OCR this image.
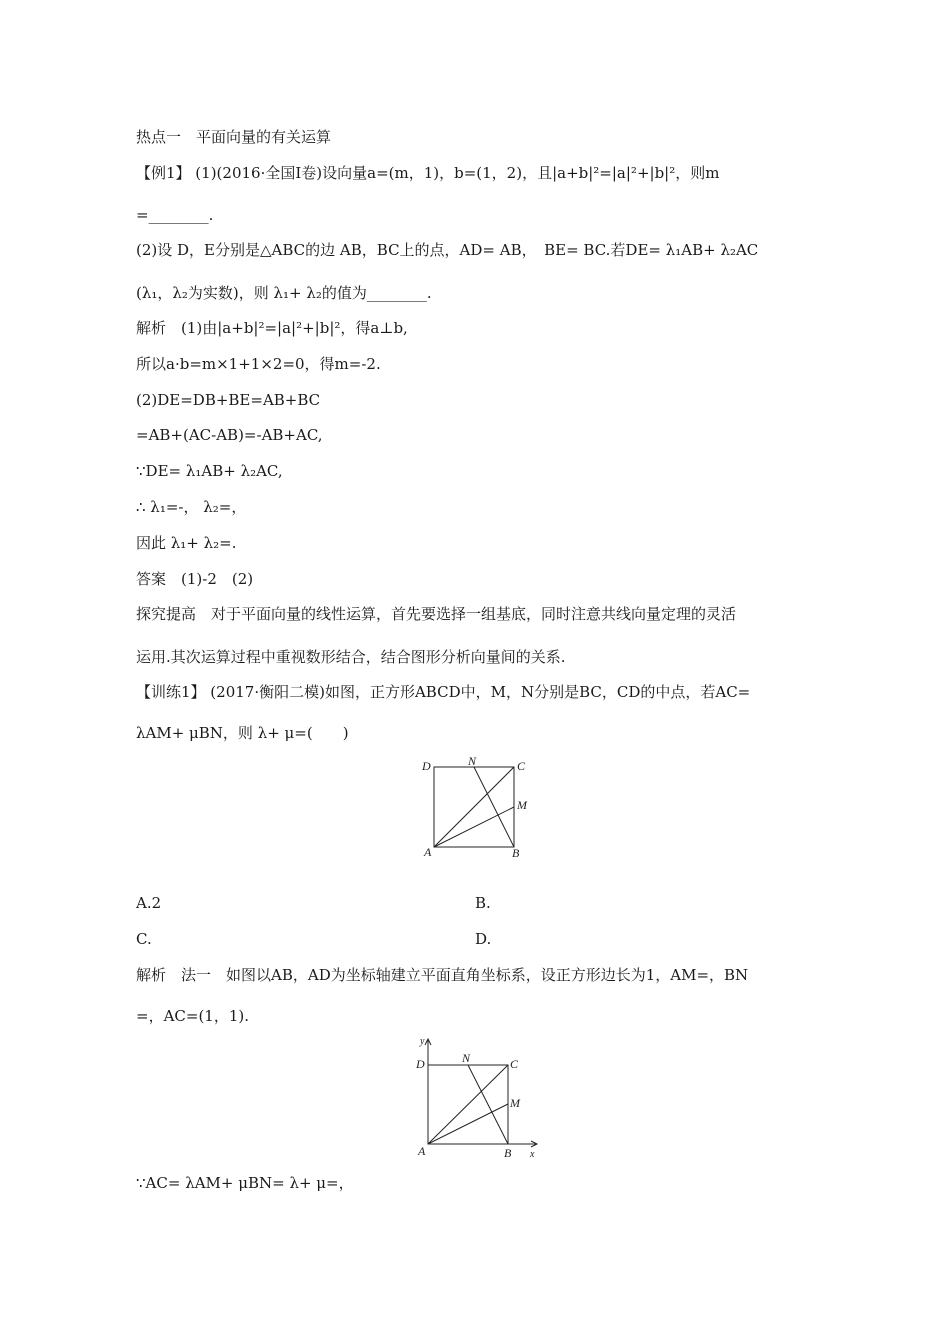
热点一　平面向量的有关运算
【例1】 (1)(2016·全国Ⅰ卷)设向量a=(m，1)，b=(1，2)，且|a+b|²=|a|²+|b|²，则m
=________.
(2)设 D，E分别是△ABC的边 AB，BC上的点，AD= AB，　BE= BC.若DE= λ₁AB+ λ₂AC
(λ₁，λ₂为实数)，则 λ₁+ λ₂的值为________.
解析　(1)由|a+b|²=|a|²+|b|²，得a⊥b,
所以a·b=m×1+1×2=0，得m=-2.
(2)DE=DB+BE=AB+BC
=AB+(AC-AB)=-AB+AC,
∵DE= λ₁AB+ λ₂AC,
∴ λ₁=-， λ₂=，
因此 λ₁+ λ₂=.
答案　(1)-2　(2)
探究提高　对于平面向量的线性运算，首先要选择一组基底，同时注意共线向量定理的灵活
运用.其次运算过程中重视数形结合，结合图形分析向量间的关系.
【训练1】 (2017·衡阳二模)如图，正方形ABCD中，M，N分别是BC，CD的中点，若AC=
λAM+ μBN，则 λ+ μ=(　　)
D	N	C
M
A	B
A.2	B.
C.	D.
解析　法一　如图以AB，AD为坐标轴建立平面直角坐标系，设正方形边长为1，AM=，BN
=，AC=(1，1).
y
x
D	N	C
M
A	B
∵AC= λAM+ μBN= λ+ μ=，
